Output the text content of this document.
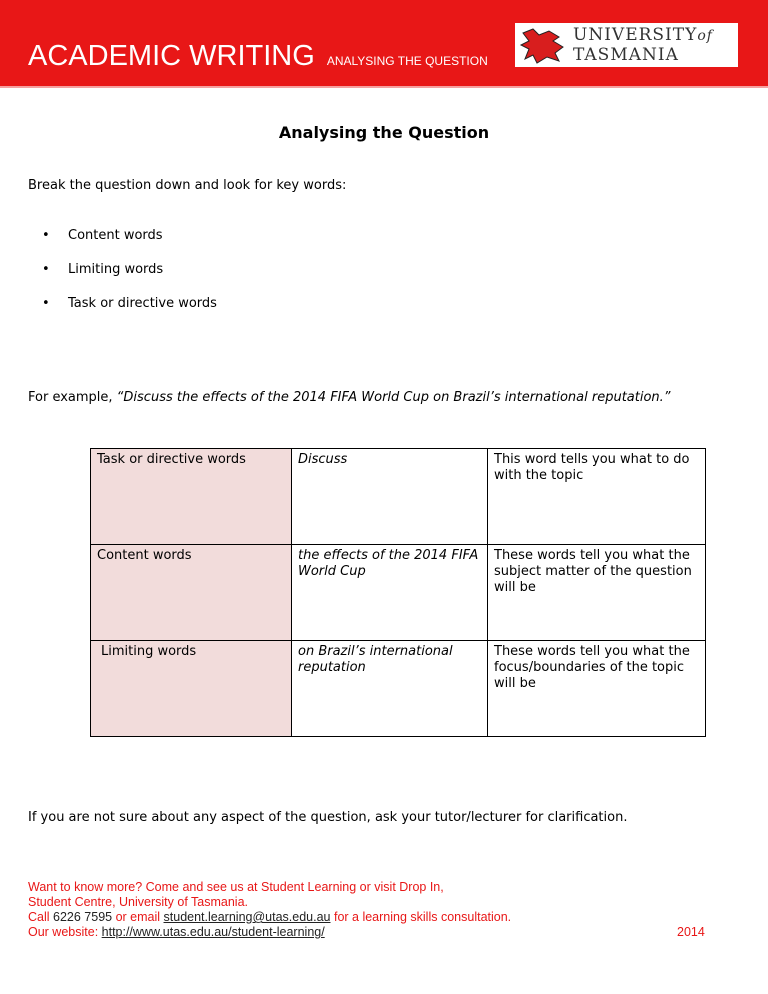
ACADEMIC WRITING ANALYSING THE QUESTION
UNIVERSITYof
TASMANIA
Analysing the Question
Break the question down and look for key words:
• Content words
• Limiting words
• Task or directive words
For example, “Discuss the effects of the 2014 FIFA World Cup on Brazil’s international reputation.”
Task or directive words	Discuss	This word tells you what to do with the topic
Content words	the effects of the 2014 FIFA World Cup	These words tell you what the subject matter of the question will be
Limiting words	on Brazil’s international reputation	These words tell you what the focus/boundaries of the topic will be
If you are not sure about any aspect of the question, ask your tutor/lecturer for clarification.
Want to know more? Come and see us at Student Learning or visit Drop In,
Student Centre, University of Tasmania.
Call 6226 7595 or email student.learning@utas.edu.au for a learning skills consultation.
Our website: http://www.utas.edu.au/student-learning/	2014
